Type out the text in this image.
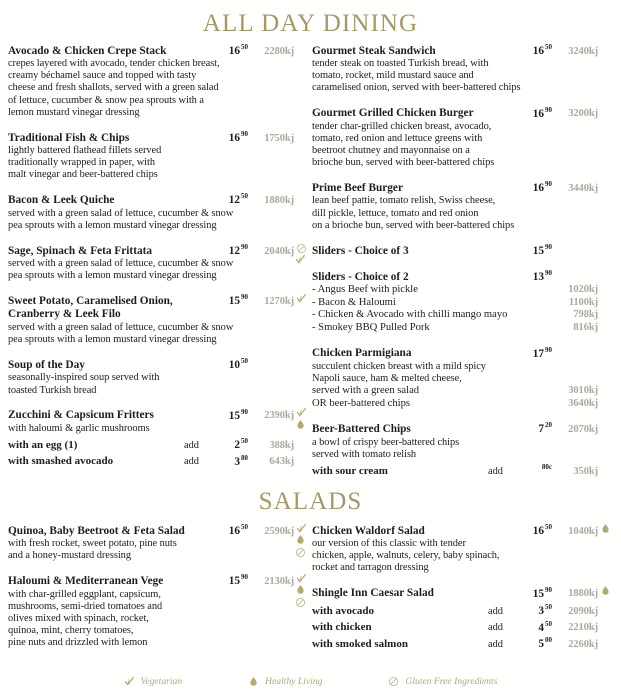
ALL DAY DINING
Avocado & Chicken Crepe Stack	$16^{50}$	2280kj
crepes layered with avocado, tender chicken breast,
creamy béchamel sauce and topped with tasty
cheese and fresh shallots, served with a green salad
of lettuce, cucumber & snow pea sprouts with a
lemon mustard vinegar dressing
Traditional Fish & Chips	$16^{90}$	1750kj
lightly battered flathead fillets served
traditionally wrapped in paper, with
malt vinegar and beer-battered chips
Bacon & Leek Quiche	$12^{50}$	1880kj
served with a green salad of lettuce, cucumber & snow
pea sprouts with a lemon mustard vinegar dressing
Sage, Spinach & Feta Frittata	$12^{90}$	2040kj
served with a green salad of lettuce, cucumber & snow
pea sprouts with a lemon mustard vinegar dressing
Sweet Potato, Caramelised Onion,	$15^{90}$	1270kj
Cranberry & Leek Filo
served with a green salad of lettuce, cucumber & snow
pea sprouts with a lemon mustard vinegar dressing
Soup of the Day	$10^{50}$
seasonally-inspired soup served with
toasted Turkish bread
Zucchini & Capsicum Fritters	$15^{90}$	2390kj
with haloumi & garlic mushrooms
with an egg (1)	add	$2^{50}$	388kj
with smashed avocado	add	$3^{80}$	643kj
Gourmet Steak Sandwich	$16^{50}$	3240kj
tender steak on toasted Turkish bread, with
tomato, rocket, mild mustard sauce and
caramelised onion, served with beer-battered chips
Gourmet Grilled Chicken Burger	$16^{90}$	3200kj
tender char-grilled chicken breast, avocado,
tomato, red onion and lettuce greens with
beetroot chutney and mayonnaise on a
brioche bun, served with beer-battered chips
Prime Beef Burger	$16^{90}$	3440kj
lean beef pattie, tomato relish, Swiss cheese,
dill pickle, lettuce, tomato and red onion
on a brioche bun, served with beer-battered chips
Sliders - Choice of 3	$15^{90}$
Sliders - Choice of 2	$13^{90}$
- Angus Beef with pickle	1020kj
- Bacon & Haloumi	1100kj
- Chicken & Avocado with chilli mango mayo	798kj
- Smokey BBQ Pulled Pork	816kj
Chicken Parmigiana	$17^{90}$
succulent chicken breast with a mild spicy
Napoli sauce, ham & melted cheese,
served with a green salad	3010kj
OR beer-battered chips	3640kj
Beer-Battered Chips	$7^{20}$	2070kj
a bowl of crispy beer-battered chips
served with tomato relish
with sour cream	add	$^{80c}$	350kj
SALADS
Quinoa, Baby Beetroot & Feta Salad	$16^{50}$	2590kj
with fresh rocket, sweet potato, pine nuts
and a honey-mustard dressing
Haloumi & Mediterranean Vege	$15^{90}$	2130kj
with char-grilled eggplant, capsicum,
mushrooms, semi-dried tomatoes and
olives mixed with spinach, rocket,
quinoa, mint, cherry tomatoes,
pine nuts and drizzled with lemon
Chicken Waldorf Salad	$16^{50}$	1040kj
our version of this classic with tender
chicken, apple, walnuts, celery, baby spinach,
rocket and tarragon dressing
Shingle Inn Caesar Salad	$15^{90}$	1880kj
with avocado	add	$3^{50}$	2090kj
with chicken	add	$4^{50}$	2210kj
with smoked salmon	add	$5^{00}$	2260kj
Vegetarian	Healthy Living	Gluten Free Ingredients
